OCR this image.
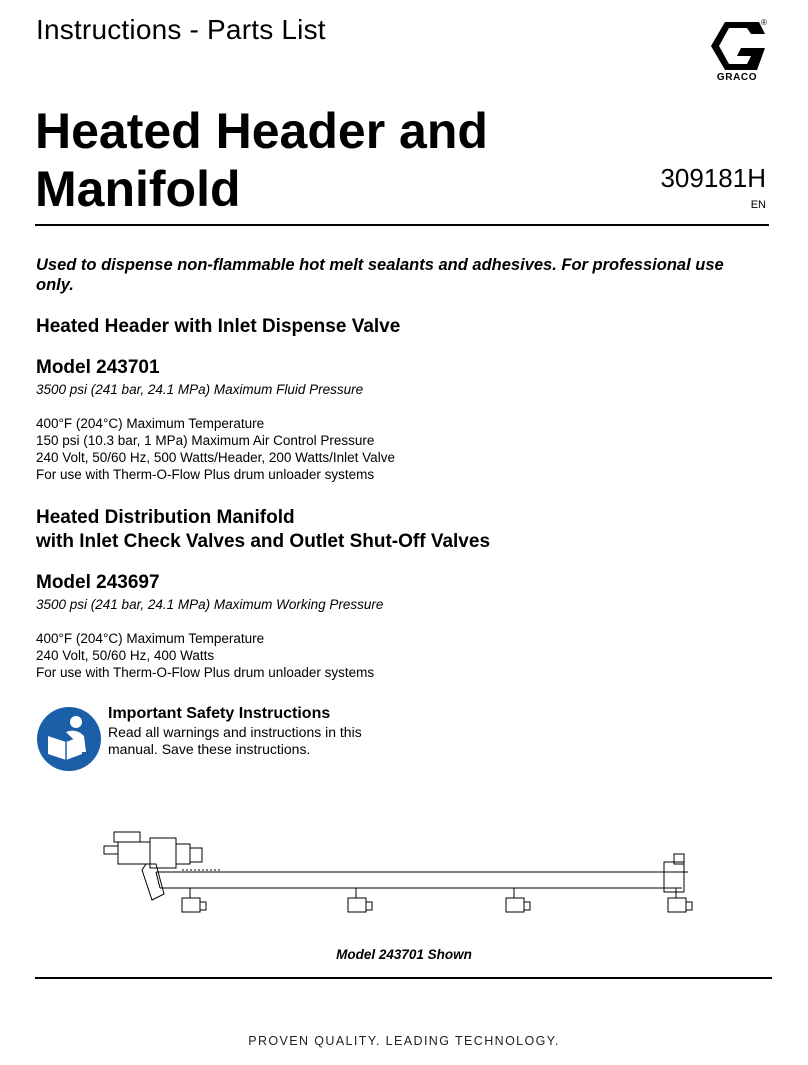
Instructions - Parts List	®
GRACO
Heated Header and
Manifold	309181H
EN
Used to dispense non-flammable hot melt sealants and adhesives. For professional use only.
Heated Header with Inlet Dispense Valve
Model 243701
3500 psi (241 bar, 24.1 MPa) Maximum Fluid Pressure
400°F (204°C) Maximum Temperature
150 psi (10.3 bar, 1 MPa) Maximum Air Control Pressure
240 Volt, 50/60 Hz, 500 Watts/Header, 200 Watts/Inlet Valve
For use with Therm-O-Flow Plus drum unloader systems
Heated Distribution Manifold
with Inlet Check Valves and Outlet Shut-Off Valves
Model 243697
3500 psi (241 bar, 24.1 MPa) Maximum Working Pressure
400°F (204°C) Maximum Temperature
240 Volt, 50/60 Hz, 400 Watts
For use with Therm-O-Flow Plus drum unloader systems
Important Safety Instructions
Read all warnings and instructions in this
manual. Save these instructions.
Model 243701 Shown
PROVEN QUALITY. LEADING TECHNOLOGY.
